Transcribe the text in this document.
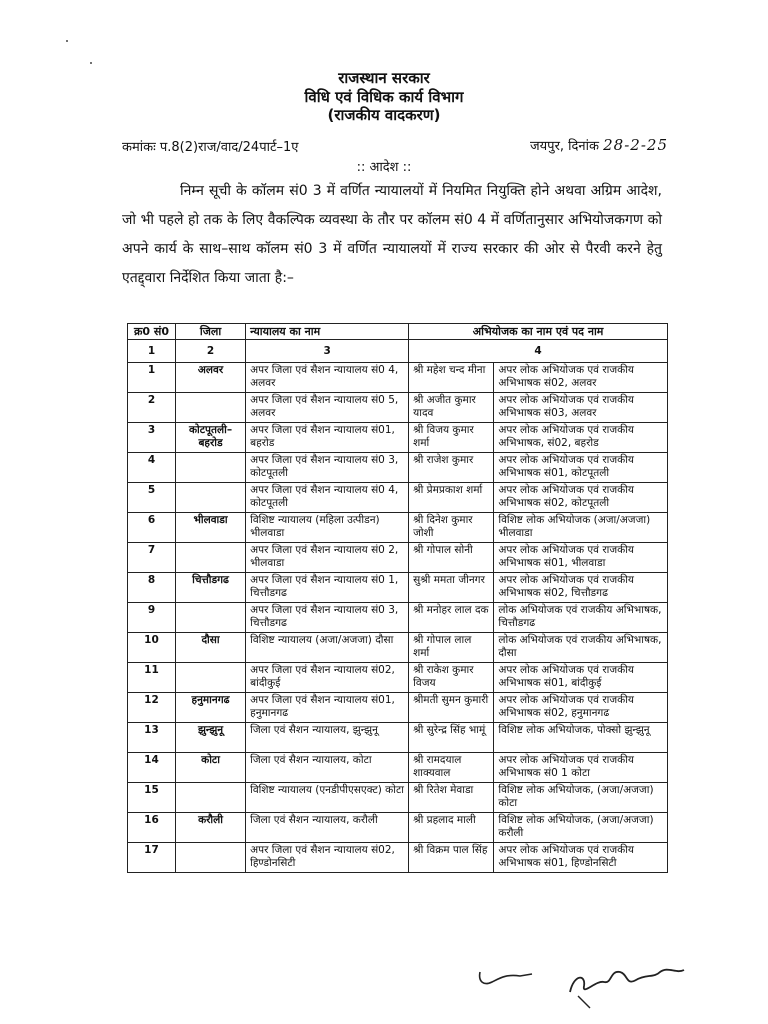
राजस्थान सरकार
विधि एवं विधिक कार्य विभाग
(राजकीय वादकरण)
कमांकः प.8(2)राज/वाद/24पार्ट–1ए	जयपुर, दिनांक 28-2-25
:: आदेश ::
निम्न सूची के कॉलम सं0 3 में वर्णित न्यायालयों में नियमित नियुक्ति होने अथवा अग्रिम आदेश, जो भी पहले हो तक के लिए वैकल्पिक व्यवस्था के तौर पर कॉलम सं0 4 में वर्णितानुसार अभियोजकगण को अपने कार्य के साथ–साथ कॉलम सं0 3 में वर्णित न्यायालयों में राज्य सरकार की ओर से पैरवी करने हेतु एतद्द्वारा निर्देशित किया जाता है:–
क्र0 सं0	जिला	न्यायालय का नाम	अभियोजक का नाम एवं पद नाम	
1	2	3	4	
1	अलवर	अपर जिला एवं सैशन न्यायालय सं0 4, अलवर	श्री महेश चन्द मीना	अपर लोक अभियोजक एवं राजकीय अभिभाषक सं02, अलवर
2		अपर जिला एवं सैशन न्यायालय सं0 5, अलवर	श्री अजीत कुमार यादव	अपर लोक अभियोजक एवं राजकीय अभिभाषक सं03, अलवर
3	कोटपूतली–बहरोड	अपर जिला एवं सैशन न्यायालय सं01, बहरोड	श्री विजय कुमार शर्मा	अपर लोक अभियोजक एवं राजकीय अभिभाषक, सं02, बहरोड
4		अपर जिला एवं सैशन न्यायालय सं0 3, कोटपूतली	श्री राजेश कुमार	अपर लोक अभियोजक एवं राजकीय अभिभाषक सं01, कोटपूतली
5		अपर जिला एवं सैशन न्यायालय सं0 4, कोटपूतली	श्री प्रेमप्रकाश शर्मा	अपर लोक अभियोजक एवं राजकीय अभिभाषक सं02, कोटपूतली
6	भीलवाडा	विशिष्ट न्यायालय (महिला उत्पीडन) भीलवाडा	श्री दिनेश कुमार जोशी	विशिष्ट लोक अभियोजक (अजा/अजजा) भीलवाडा
7		अपर जिला एवं सैशन न्यायालय सं0 2, भीलवाडा	श्री गोपाल सोनी	अपर लोक अभियोजक एवं राजकीय अभिभाषक सं01, भीलवाडा
8	चित्तौडगढ	अपर जिला एवं सैशन न्यायालय सं0 1, चित्तौडगढ	सुश्री ममता जीनगर	अपर लोक अभियोजक एवं राजकीय अभिभाषक सं02, चित्तौडगढ
9		अपर जिला एवं सैशन न्यायालय सं0 3, चित्तौडगढ	श्री मनोहर लाल दक	लोक अभियोजक एवं राजकीय अभिभाषक, चित्तौडगढ
10	दौसा	विशिष्ट न्यायालय (अजा/अजजा) दौसा	श्री गोपाल लाल शर्मा	लोक अभियोजक एवं राजकीय अभिभाषक, दौसा
11		अपर जिला एवं सैशन न्यायालय सं02, बांदीकुई	श्री राकेश कुमार विजय	अपर लोक अभियोजक एवं राजकीय अभिभाषक सं01, बांदीकुई
12	हनुमानगढ	अपर जिला एवं सैशन न्यायालय सं01, हनुमानगढ	श्रीमती सुमन कुमारी	अपर लोक अभियोजक एवं राजकीय अभिभाषक सं02, हनुमानगढ
13	झुन्झुनू	जिला एवं सैशन न्यायालय, झुन्झुनू	श्री सुरेन्द्र सिंह भामूं	विशिष्ट लोक अभियोजक, पोक्सो झुन्झुनू
14	कोटा	जिला एवं सैशन न्यायालय, कोटा	श्री रामदयाल शाक्यवाल	अपर लोक अभियोजक एवं राजकीय अभिभाषक सं0 1 कोटा
15		विशिष्ट न्यायालय (एनडीपीएसएक्ट) कोटा	श्री रितेश मेवाडा	विशिष्ट लोक अभियोजक, (अजा/अजजा) कोटा
16	करौली	जिला एवं सैशन न्यायालय, करौली	श्री प्रहलाद माली	विशिष्ट लोक अभियोजक, (अजा/अजजा) करौली
17		अपर जिला एवं सैशन न्यायालय सं02, हिण्डोनसिटी	श्री विक्रम पाल सिंह	अपर लोक अभियोजक एवं राजकीय अभिभाषक सं01, हिण्डोनसिटी
